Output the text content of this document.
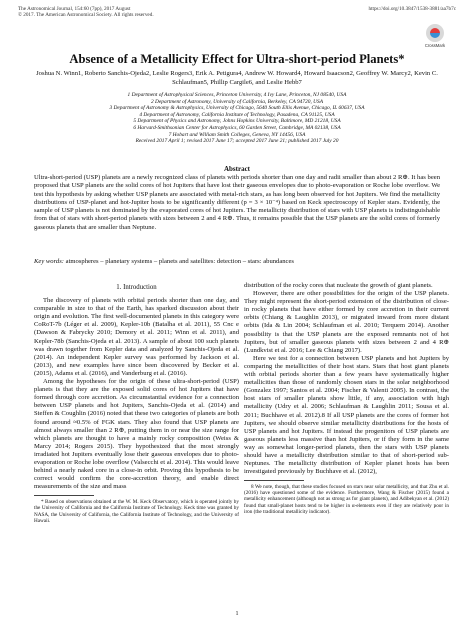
The Astronomical Journal, 154:60 (7pp), 2017 August
© 2017. The American Astronomical Society. All rights reserved.
https://doi.org/10.3847/1538-3881/aa7b7c
CrossMark
Absence of a Metallicity Effect for Ultra-short-period Planets*
Joshua N. Winn1, Roberto Sanchis-Ojeda2, Leslie Rogers3, Erik A. Petigura4, Andrew W. Howard4, Howard Isaacson2, Geoffrey W. Marcy2, Kevin C. Schlaufman5, Phillip Cargile6, and Leslie Hebb7
1 Department of Astrophysical Sciences, Princeton University, 4 Ivy Lane, Princeton, NJ 08540, USA
2 Department of Astronomy, University of California, Berkeley, CA 94720, USA
3 Department of Astronomy & Astrophysics, University of Chicago, 5640 South Ellis Avenue, Chicago, IL 60637, USA
4 Department of Astronomy, California Institute of Technology, Pasadena, CA 91125, USA
5 Department of Physics and Astronomy, Johns Hopkins University, Baltimore, MD 21218, USA
6 Harvard-Smithsonian Center for Astrophysics, 60 Garden Street, Cambridge, MA 02138, USA
7 Hobart and William Smith Colleges, Geneva, NY 14456, USA
Received 2017 April 1; revised 2017 June 17; accepted 2017 June 21; published 2017 July 20
Abstract
Ultra-short-period (USP) planets are a newly recognized class of planets with periods shorter than one day and radii smaller than about 2 R⊕. It has been proposed that USP planets are the solid cores of hot Jupiters that have lost their gaseous envelopes due to photo-evaporation or Roche lobe overflow. We test this hypothesis by asking whether USP planets are associated with metal-rich stars, as has long been observed for hot Jupiters. We find the metallicity distributions of USP-planet and hot-Jupiter hosts to be significantly different (p = 3 × 10⁻⁴) based on Keck spectroscopy of Kepler stars. Evidently, the sample of USP planets is not dominated by the evaporated cores of hot Jupiters. The metallicity distribution of stars with USP planets is indistinguishable from that of stars with short-period planets with sizes between 2 and 4 R⊕. Thus, it remains possible that the USP planets are the solid cores of formerly gaseous planets that are smaller than Neptune.
Key words: atmospheres – planetary systems – planets and satellites: detection – stars: abundances
1. Introduction

The discovery of planets with orbital periods shorter than one day, and comparable in size to that of the Earth, has sparked discussion about their origin and evolution. The first well-documented planets in this category were CoRoT-7b (Léger et al. 2009), Kepler-10b (Batalha et al. 2011), 55 Cnc e (Dawson & Fabrycky 2010; Demory et al. 2011; Winn et al. 2011), and Kepler-78b (Sanchis-Ojeda et al. 2013). A sample of about 100 such planets was drawn together from Kepler data and analyzed by Sanchis-Ojeda et al. (2014). An independent Kepler survey was performed by Jackson et al. (2013), and new examples have since been discovered by Becker et al. (2015), Adams et al. (2016), and Vanderburg et al. (2016).

Among the hypotheses for the origin of these ultra-short-period (USP) planets is that they are the exposed solid cores of hot Jupiters that have formed through core accretion. As circumstantial evidence for a connection between USP planets and hot Jupiters, Sanchis-Ojeda et al. (2014) and Steffen & Coughlin (2016) noted that these two categories of planets are both found around ≈0.5% of FGK stars. They also found that USP planets are almost always smaller than 2 R⊕, putting them in or near the size range for which planets are thought to have a mainly rocky composition (Weiss & Marcy 2014; Rogers 2015). They hypothesized that the most strongly irradiated hot Jupiters eventually lose their gaseous envelopes due to photo-evaporation or Roche lobe overflow (Valsecchi et al. 2014). This would leave behind a nearly naked core in a close-in orbit. Proving this hypothesis to be correct would confirm the core-accretion theory, and enable direct measurements of the size and mass

* Based on observations obtained at the W. M. Keck Observatory, which is operated jointly by the University of California and the California Institute of Technology. Keck time was granted by NASA, the University of California, the California Institute of Technology, and the University of Hawaii.

distribution of the rocky cores that nucleate the growth of giant planets.

However, there are other possibilities for the origin of the USP planets. They might represent the short-period extension of the distribution of close-in rocky planets that have either formed by core accretion in their current orbits (Chiang & Laughlin 2013), or migrated inward from more distant orbits (Ida & Lin 2004; Schlaufman et al. 2010; Terquem 2014). Another possibility is that the USP planets are the exposed remnants not of hot Jupiters, but of smaller gaseous planets with sizes between 2 and 4 R⊕ (Lundkvist et al. 2016; Lee & Chiang 2017).

Here we test for a connection between USP planets and hot Jupiters by comparing the metallicities of their host stars. Stars that host giant planets with orbital periods shorter than a few years have systematically higher metallicities than those of randomly chosen stars in the solar neighborhood (Gonzalez 1997; Santos et al. 2004; Fischer & Valenti 2005). In contrast, the host stars of smaller planets show little, if any, association with high metallicity (Udry et al. 2006; Schlaufman & Laughlin 2011; Sousa et al. 2011; Buchhave et al. 2012).8 If all USP planets are the cores of former hot Jupiters, we should observe similar metallicity distributions for the hosts of USP planets and hot Jupiters. If instead the progenitors of USP planets are gaseous planets less massive than hot Jupiters, or if they form in the same way as somewhat longer-period planets, then the stars with USP planets should have a metallicity distribution similar to that of short-period sub-Neptunes. The metallicity distribution of Kepler planet hosts has been investigated previously by Buchhave et al. (2012),

8 We note, though, that these studies focused on stars near solar metallicity, and that Zhu et al. (2016) have questioned some of the evidence. Furthermore, Wang & Fischer (2015) found a metallicity enhancement (although not as strong as for giant planets), and Adibekyan et al. (2012) found that small-planet hosts tend to be higher in α-elements even if they are relatively poor in iron (the traditional metallicity indicator).
1
